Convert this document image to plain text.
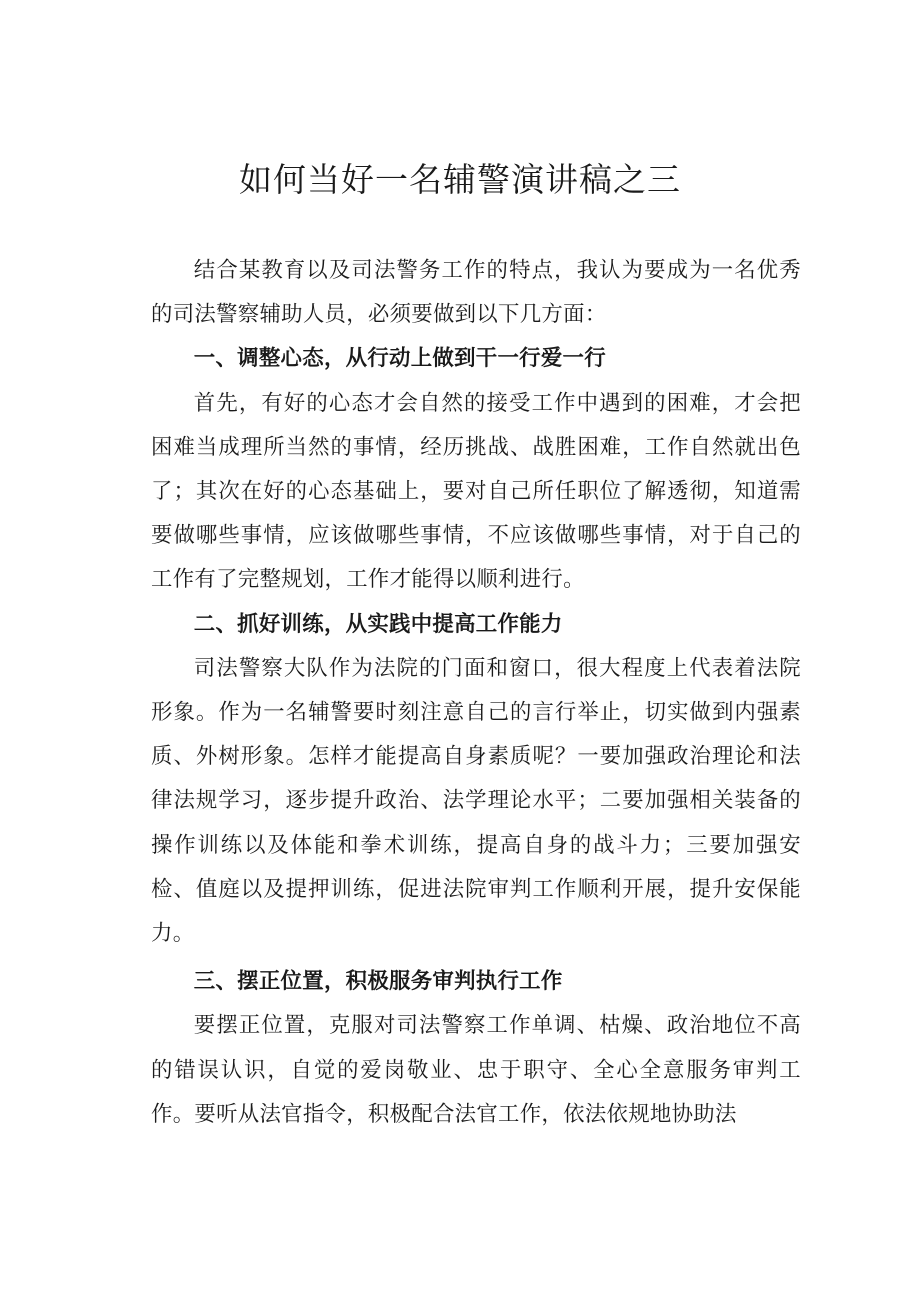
如何当好一名辅警演讲稿之三

结合某教育以及司法警务工作的特点，我认为要成为一名优秀的司法警察辅助人员，必须要做到以下几方面：

一、调整心态，从行动上做到干一行爱一行

首先，有好的心态才会自然的接受工作中遇到的困难，才会把困难当成理所当然的事情，经历挑战、战胜困难，工作自然就出色了；其次在好的心态基础上，要对自己所任职位了解透彻，知道需要做哪些事情，应该做哪些事情，不应该做哪些事情，对于自己的工作有了完整规划，工作才能得以顺利进行。

二、抓好训练，从实践中提高工作能力

司法警察大队作为法院的门面和窗口，很大程度上代表着法院形象。作为一名辅警要时刻注意自己的言行举止，切实做到内强素质、外树形象。怎样才能提高自身素质呢？一要加强政治理论和法律法规学习，逐步提升政治、法学理论水平；二要加强相关装备的操作训练以及体能和拳术训练，提高自身的战斗力；三要加强安检、值庭以及提押训练，促进法院审判工作顺利开展，提升安保能力。

三、摆正位置，积极服务审判执行工作

要摆正位置，克服对司法警察工作单调、枯燥、政治地位不高的错误认识，自觉的爱岗敬业、忠于职守、全心全意服务审判工作。要听从法官指令，积极配合法官工作，依法依规地协助法
